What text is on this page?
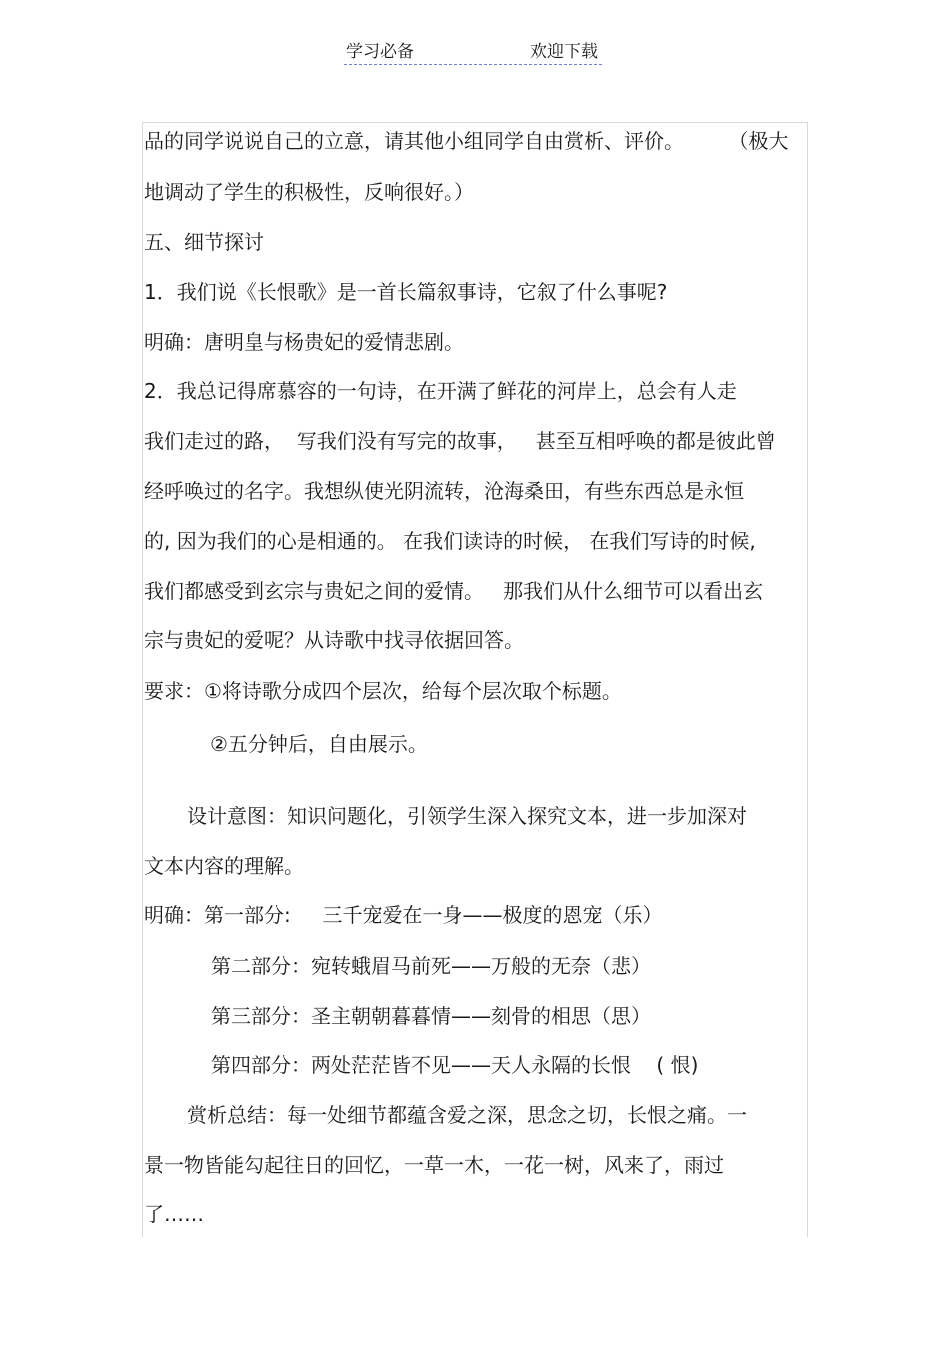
学习必备	欢迎下载
品的同学说说自己的立意，请其他小组同学自由赏析、评价。       （极大
地调动了学生的积极性，反响很好。）
五、细节探讨
1．我们说《长恨歌》是一首长篇叙事诗，它叙了什么事呢?
明确：唐明皇与杨贵妃的爱情悲剧。
2．我总记得席慕容的一句诗，在开满了鲜花的河岸上，总会有人走
我们走过的路，  写我们没有写完的故事，   甚至互相呼唤的都是彼此曾
经呼唤过的名字。我想纵使光阴流转，沧海桑田，有些东西总是永恒
的, 因为我们的心是相通的。 在我们读诗的时候， 在我们写诗的时候,
我们都感受到玄宗与贵妃之间的爱情。   那我们从什么细节可以看出玄
宗与贵妃的爱呢？从诗歌中找寻依据回答。
要求：①将诗歌分成四个层次，给每个层次取个标题。
②五分钟后，自由展示。
设计意图：知识问题化，引领学生深入探究文本，进一步加深对
文本内容的理解。
明确：第一部分:     三千宠爱在一身——极度的恩宠（乐）
第二部分：宛转蛾眉马前死——万般的无奈（悲）
第三部分：圣主朝朝暮暮情——刻骨的相思（思）
第四部分：两处茫茫皆不见——天人永隔的长恨    ( 恨)
赏析总结：每一处细节都蕴含爱之深，思念之切，长恨之痛。一
景一物皆能勾起往日的回忆，一草一木，一花一树，风来了，雨过
了……
